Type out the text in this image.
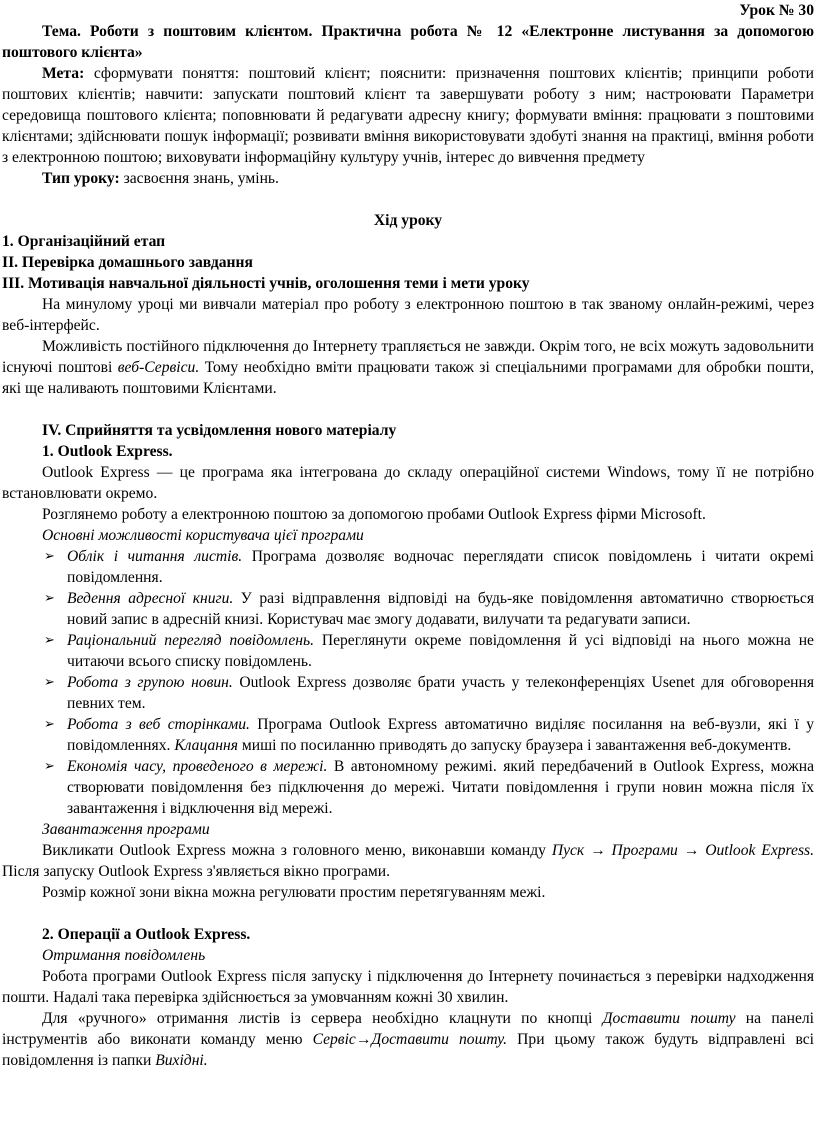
Урок № 30

Тема. Роботи з поштовим клієнтом. Практична робота № 12 «Електронне листування за допомогою поштового клієнта»

Мета: сформувати поняття: поштовий клієнт; пояснити: призначення поштових клієнтів; принципи роботи поштових клієнтів; навчити: запускати поштовий клієнт та завершувати роботу з ним; настроювати Параметри середовища поштового клієнта; поповнювати й редагувати адресну книгу; формувати вміння: працювати з поштовими клієнтами; здійснювати пошук інформації; розвивати вміння використовувати здобуті знання на практиці, вміння роботи з електронною поштою; виховувати інформаційну культуру учнів, інтерес до вивчення предмету

Тип уроку: засвоєння знань, умінь.

Хід уроку

1. Організаційний етап

ІІ. Перевірка домашнього завдання

ІІІ. Мотивація навчальної діяльності учнів, оголошення теми і мети уроку

На минулому уроці ми вивчали матеріал про роботу з електронною поштою в так званому онлайн-режимі, через веб-інтерфейс.

Можливість постійного підключення до Інтернету трапляється не завжди. Окрім того, не всіх можуть задовольнити існуючі поштові веб-Сервіси. Тому необхідно вміти працювати також зі спеціальними програмами для обробки пошти, які ще наливають поштовими Клієнтами.

IV. Сприйняття та усвідомлення нового матеріалу

1. Outlook Express.

Outlook Express — це програма яка інтегрована до складу операційної системи Windows, тому її не потрібно встановлювати окремо.

Розглянемо роботу а електронною поштою за допомогою пробами Outlook Express фірми Microsoft.

Основні можливості користувача цієї програми

➢ Облік і читання листів. Програма дозволяє водночас переглядати список повідомлень і читати окремі повідомлення.
➢ Ведення адресної книги. У разі відправлення відповіді на будь-яке повідомлення автоматично створюється новий запис в адресній книзі. Користувач має змогу додавати, вилучати та редагувати записи.
➢ Раціональний перегляд повідомлень. Переглянути окреме повідомлення й усі відповіді на нього можна не читаючи всього списку повідомлень.
➢ Робота з групою новин. Outlook Express дозволяє брати участь у телеконференціях Usenet для обговорення певних тем.
➢ Робота з веб сторінками. Програма Outlook Express автоматично виділяє посилання на веб-вузли, які ї у повідомленнях. Клацання миші по посиланню приводять до запуску браузера і завантаження веб-документв.
➢ Економія часу, проведеного в мережі. В автономному режимі. який передбачений в Outlook Express, можна створювати повідомлення без підключення до мережі. Читати повідомлення і групи новин можна після їх завантаження і відключення від мережі.

Завантаження програми

Викликати Outlook Express можна з головного меню, виконавши команду Пуск → Програми → Outlook Express. Після запуску Outlook Express з'являється вікно програми.

Розмір кожної зони вікна можна регулювати простим перетягуванням межі.

2. Операції а Outlook Express.

Отримання повідомлень

Робота програми Outlook Express після запуску і підключення до Інтернету починається з перевірки надходження пошти. Надалі така перевірка здійснюється за умовчанням кожні 30 хвилин.

Для «ручного» отримання листів із сервера необхідно клацнути по кнопці Доставити пошту на панелі інструментів або виконати команду меню Сервіс→Доставити пошту. При цьому також будуть відправлені всі повідомлення із папки Вихідні.
